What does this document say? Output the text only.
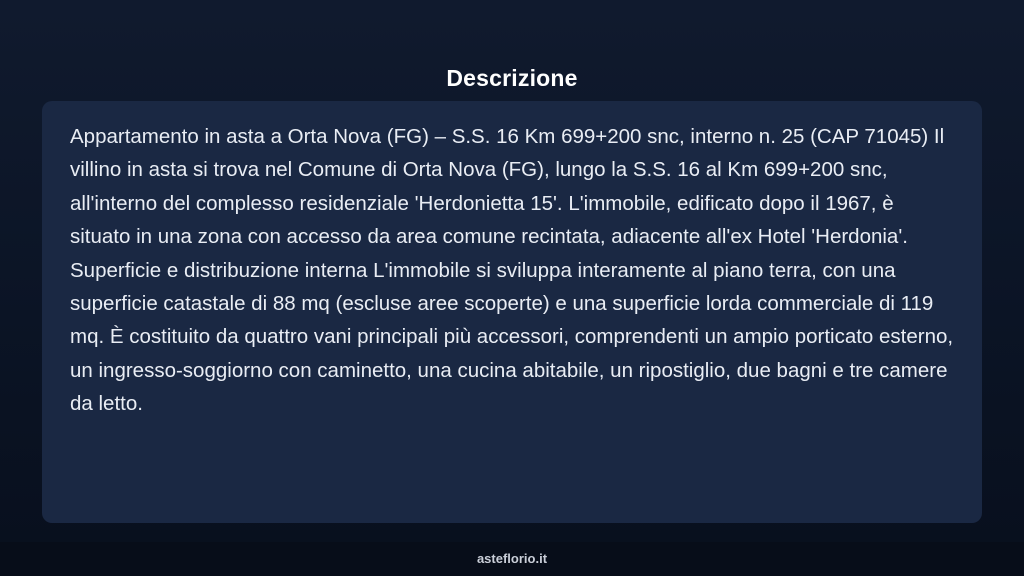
Descrizione

Appartamento in asta a Orta Nova (FG) – S.S. 16 Km 699+200 snc, interno n. 25 (CAP 71045) Il villino in asta si trova nel Comune di Orta Nova (FG), lungo la S.S. 16 al Km 699+200 snc, all'interno del complesso residenziale 'Herdonietta 15'. L'immobile, edificato dopo il 1967, è situato in una zona con accesso da area comune recintata, adiacente all'ex Hotel 'Herdonia'. Superficie e distribuzione interna L'immobile si sviluppa interamente al piano terra, con una superficie catastale di 88 mq (escluse aree scoperte) e una superficie lorda commerciale di 119 mq. È costituito da quattro vani principali più accessori, comprendenti un ampio porticato esterno, un ingresso-soggiorno con caminetto, una cucina abitabile, un ripostiglio, due bagni e tre camere da letto.

asteflorio.it
